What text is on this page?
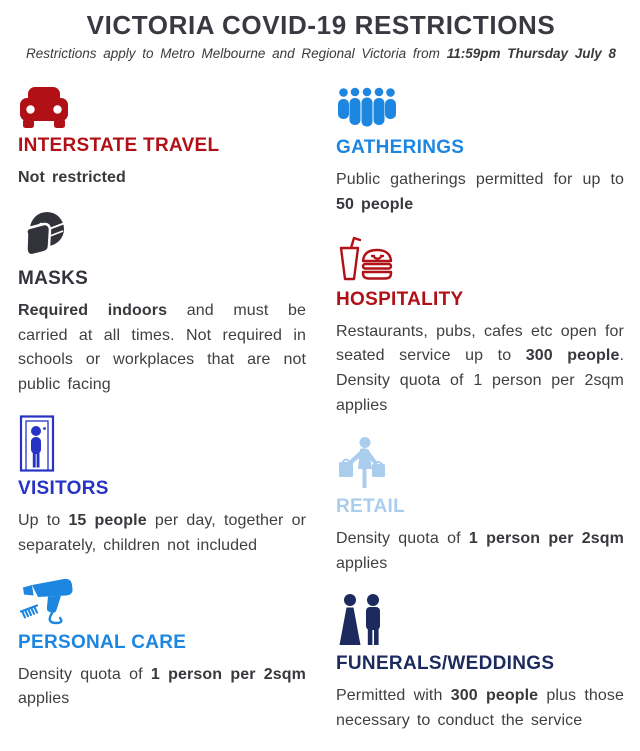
VICTORIA COVID-19 RESTRICTIONS

Restrictions apply to Metro Melbourne and Regional Victoria from 11:59pm Thursday July 8

INTERSTATE TRAVEL

Not restricted

MASKS

Required indoors and must be carried at all times. Not required in schools or workplaces that are not public facing

VISITORS

Up to 15 people per day, together or separately, children not included

PERSONAL CARE

Density quota of 1 person per 2sqm applies

GATHERINGS

Public gatherings permitted for up to 50 people

HOSPITALITY

Restaurants, pubs, cafes etc open for seated service up to 300 people. Density quota of 1 person per 2sqm applies

RETAIL

Density quota of 1 person per 2sqm applies

FUNERALS/WEDDINGS

Permitted with 300 people plus those necessary to conduct the service
